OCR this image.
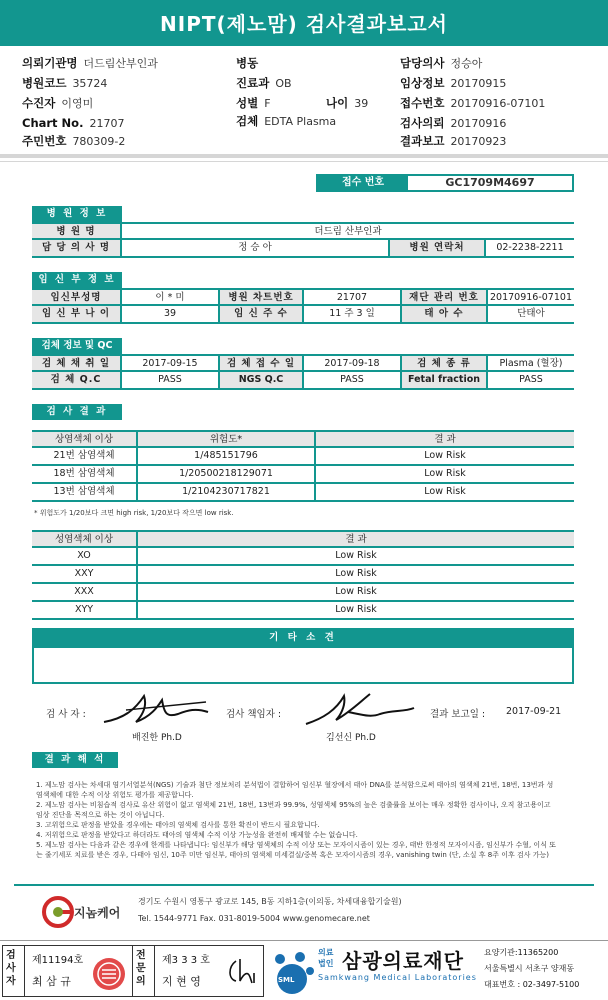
NIPT(제노맘) 검사결과보고서
의뢰기관명 더드림산부인과
병원코드 35724
수진자 이영미
Chart No. 21707
주민번호 780309-2
병동
진료과 OB
성별 F	나이 39
검체 EDTA Plasma
담당의사 정승아
임상정보 20170915
접수번호 20170916-07101
검사의뢰 20170916
결과보고 20170923
접수 번호	GC1709M4697
병 원 정 보
병 원 명	더드림 산부인과
담 당 의 사 명	정 승 아	병원 연락처	02-2238-2211
임 신 부 정 보
임신부성명	이 * 미	병원 차트번호	21707	재단 관리 번호	20170916-07101
임 신 부 나 이	39	임 신 주 수	11 주 3 일	태 아 수	단태아
검체 정보 및 QC
검 체 채 취 일	2017-09-15	검 체 접 수 일	2017-09-18	검 체 종 류	Plasma (혈장)
검 체 Q.C	PASS	NGS Q.C	PASS	Fetal fraction	PASS
검 사 결 과
상염색체 이상	위험도*	결 과
21번 삼염색체	1/485151796	Low Risk
18번 삼염색체	1/20500218129071	Low Risk
13번 삼염색체	1/2104230717821	Low Risk
* 위험도가 1/20보다 크면 high risk, 1/20보다 작으면 low risk.
성염색체 이상	결 과
XO	Low Risk
XXY	Low Risk
XXX	Low Risk
XYY	Low Risk
기 타 소 견
검 사 자 :
배진한 Ph.D
검사 책임자 :
김선신 Ph.D
결과 보고일 : 2017-09-21
결 과 해 석
1. 제노맘 검사는 차세대 염기서열분석(NGS) 기술과 첨단 정보처리 분석법이 결합하여 임신부 혈장에서 태아 DNA를 분석함으로써 태아의 염색체 21번, 18번, 13번과 성염색체에 대한 수적 이상 위험도 평가를 제공합니다.
2. 제노맘 검사는 비침습적 검사로 유산 위험이 없고 염색체 21번, 18번, 13번과 99.9%, 성염색체 95%의 높은 검출률을 보이는 매우 정확한 검사이나, 오직 참고용이고 임상 진단을 목적으로 하는 것이 아닙니다.
3. 고위험으로 판정을 받았을 경우에는 태아의 염색체 검사를 통한 확진이 반드시 필요합니다.
4. 저위험으로 판정을 받았다고 하더라도 태아의 염색체 수적 이상 가능성을 완전히 배제할 수는 없습니다.
5. 제노맘 검사는 다음과 같은 경우에 한계를 나타냅니다: 임신부가 해당 염색체의 수적 이상 또는 모자이시즘이 있는 경우, 태반 한정적 모자이시즘, 임신부가 수혈, 이식 또는 줄기세포 치료를 받은 경우, 다태아 임신, 10주 미만 임신부, 태아의 염색체 미세결실/중복 혹은 모자이시즘의 경우, vanishing twin (단, 소실 후 8주 이후 검사 가능)
지놈케어
경기도 수원시 영통구 광교로 145, B동 지하1층(이의동, 차세대융합기술원)
Tel. 1544-9771 Fax. 031-8019-5004 www.genomecare.net
검사자
제11194호
최 삼 규
전문의
제3 3 3 호
지 현 영	SML
의료법인 삼광의료재단
Samkwang Medical Laboratories
요양기관:11365200
서울특별시 서초구 양재동
대표번호 : 02-3497-5100
